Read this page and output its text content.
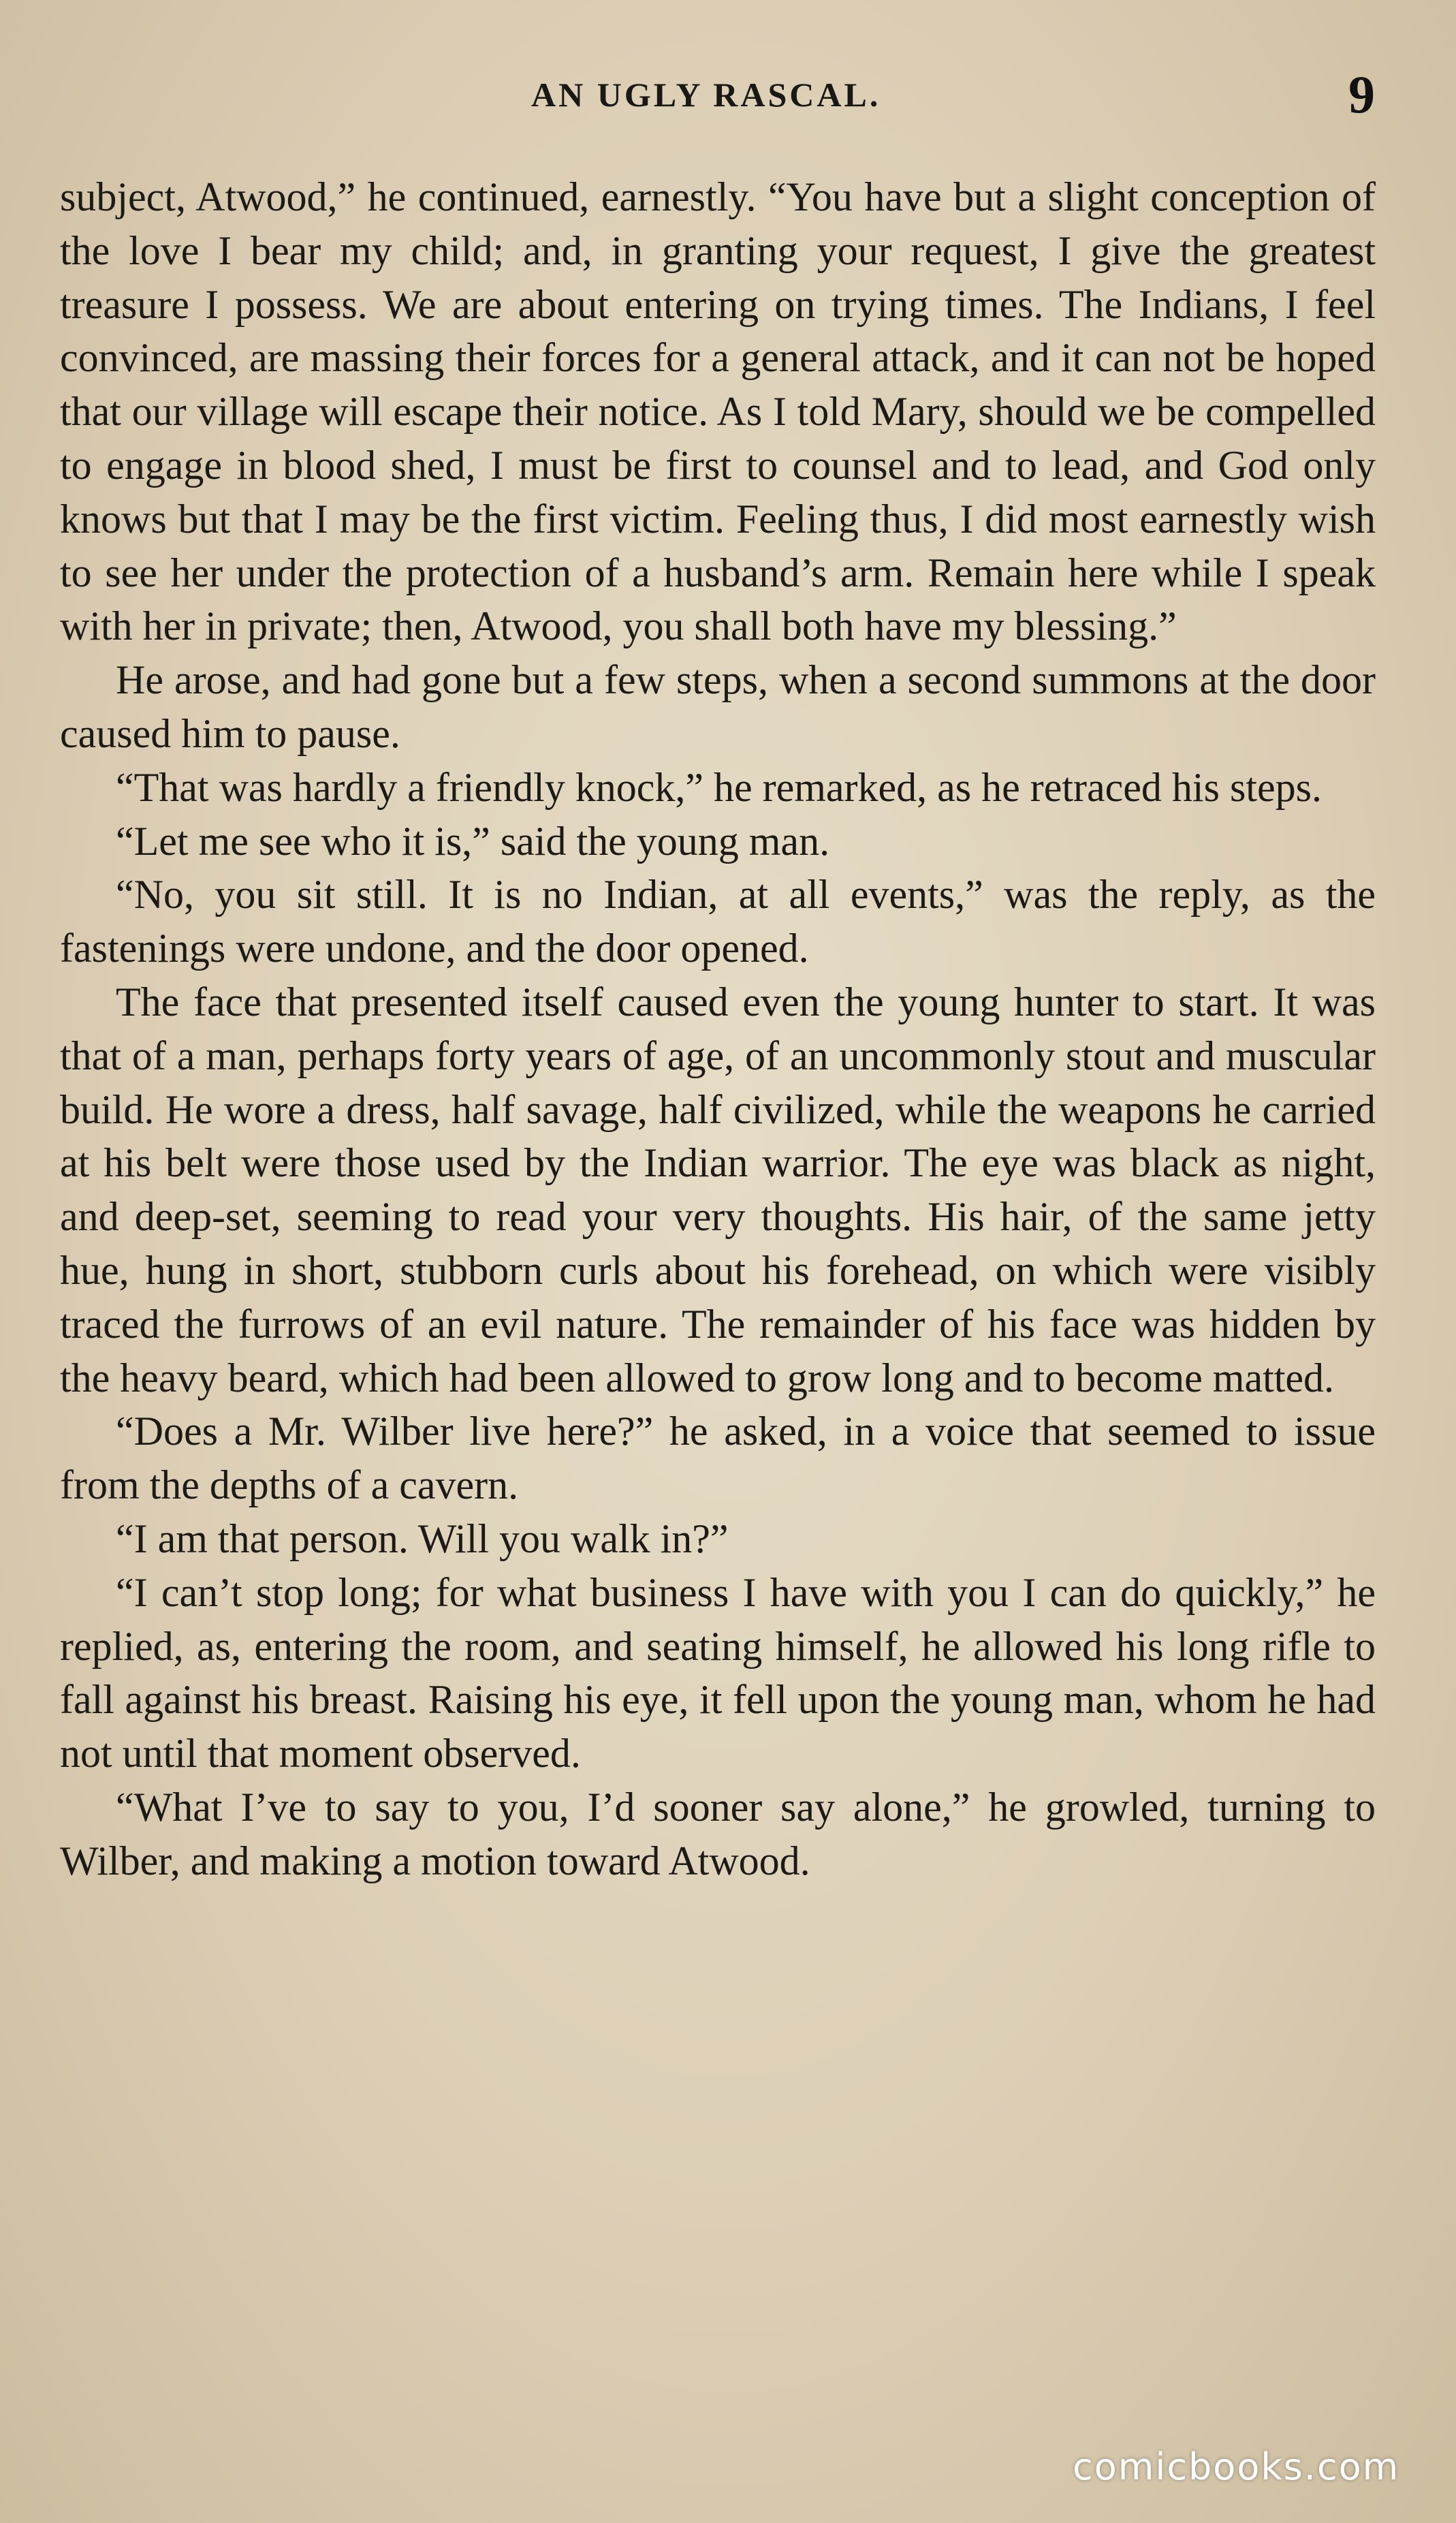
AN UGLY RASCAL.	9

subject, Atwood,” he continued, earnestly. “You have but a slight conception of the love I bear my child; and, in granting your request, I give the greatest treasure I possess. We are about entering on trying times. The Indians, I feel convinced, are massing their forces for a general attack, and it can not be hoped that our village will escape their notice. As I told Mary, should we be compelled to engage in blood shed, I must be first to counsel and to lead, and God only knows but that I may be the first victim. Feeling thus, I did most earnestly wish to see her under the protection of a husband’s arm. Remain here while I speak with her in private; then, Atwood, you shall both have my blessing.”

He arose, and had gone but a few steps, when a second summons at the door caused him to pause.

“That was hardly a friendly knock,” he remarked, as he retraced his steps.

“Let me see who it is,” said the young man.

“No, you sit still. It is no Indian, at all events,” was the reply, as the fastenings were undone, and the door opened.

The face that presented itself caused even the young hunter to start. It was that of a man, perhaps forty years of age, of an uncommonly stout and muscular build. He wore a dress, half savage, half civilized, while the weapons he carried at his belt were those used by the Indian warrior. The eye was black as night, and deep-set, seeming to read your very thoughts. His hair, of the same jetty hue, hung in short, stubborn curls about his forehead, on which were visibly traced the furrows of an evil nature. The remainder of his face was hidden by the heavy beard, which had been allowed to grow long and to become matted.

“Does a Mr. Wilber live here?” he asked, in a voice that seemed to issue from the depths of a cavern.

“I am that person. Will you walk in?”

“I can’t stop long; for what business I have with you I can do quickly,” he replied, as, entering the room, and seating himself, he allowed his long rifle to fall against his breast. Raising his eye, it fell upon the young man, whom he had not until that moment observed.

“What I’ve to say to you, I’d sooner say alone,” he growled, turning to Wilber, and making a motion toward Atwood.

comicbooks.com
